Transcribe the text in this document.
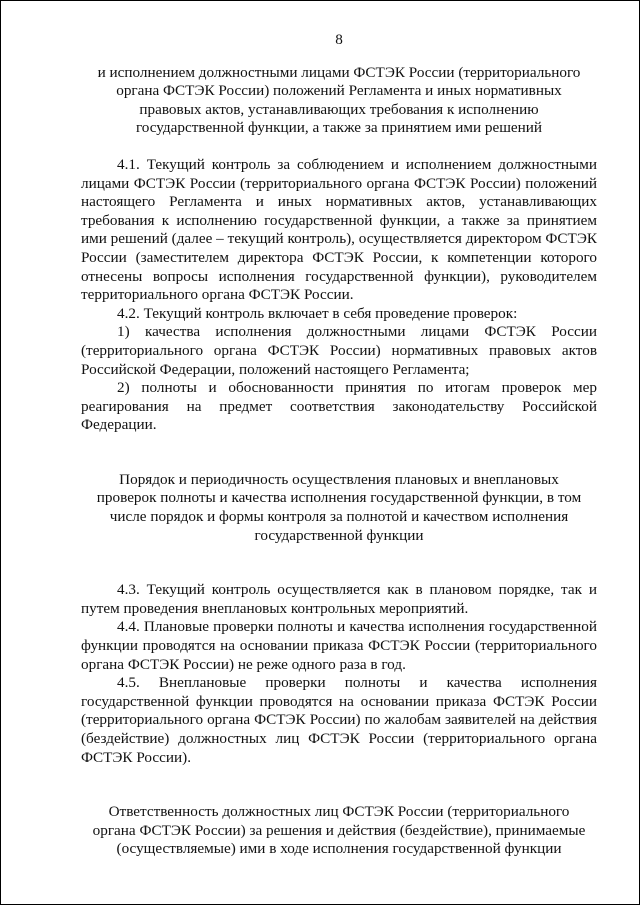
8

и исполнением должностными лицами ФСТЭК России (территориального органа ФСТЭК России) положений Регламента и иных нормативных правовых актов, устанавливающих требования к исполнению государственной функции, а также за принятием ими решений

4.1. Текущий контроль за соблюдением и исполнением должностными лицами ФСТЭК России (территориального органа ФСТЭК России) положений настоящего Регламента и иных нормативных актов, устанавливающих требования к исполнению государственной функции, а также за принятием ими решений (далее – текущий контроль), осуществляется директором ФСТЭК России (заместителем директора ФСТЭК России, к компетенции которого отнесены вопросы исполнения государственной функции), руководителем территориального органа ФСТЭК России.

4.2. Текущий контроль включает в себя проведение проверок:

1) качества исполнения должностными лицами ФСТЭК России (территориального органа ФСТЭК России) нормативных правовых актов Российской Федерации, положений настоящего Регламента;

2) полноты и обоснованности принятия по итогам проверок мер реагирования на предмет соответствия законодательству Российской Федерации.

Порядок и периодичность осуществления плановых и внеплановых проверок полноты и качества исполнения государственной функции, в том числе порядок и формы контроля за полнотой и качеством исполнения государственной функции

4.3. Текущий контроль осуществляется как в плановом порядке, так и путем проведения внеплановых контрольных мероприятий.

4.4. Плановые проверки полноты и качества исполнения государственной функции проводятся на основании приказа ФСТЭК России (территориального органа ФСТЭК России) не реже одного раза в год.

4.5. Внеплановые проверки полноты и качества исполнения государственной функции проводятся на основании приказа ФСТЭК России (территориального органа ФСТЭК России) по жалобам заявителей на действия (бездействие) должностных лиц ФСТЭК России (территориального органа ФСТЭК России).

Ответственность должностных лиц ФСТЭК России (территориального органа ФСТЭК России) за решения и действия (бездействие), принимаемые (осуществляемые) ими в ходе исполнения государственной функции
